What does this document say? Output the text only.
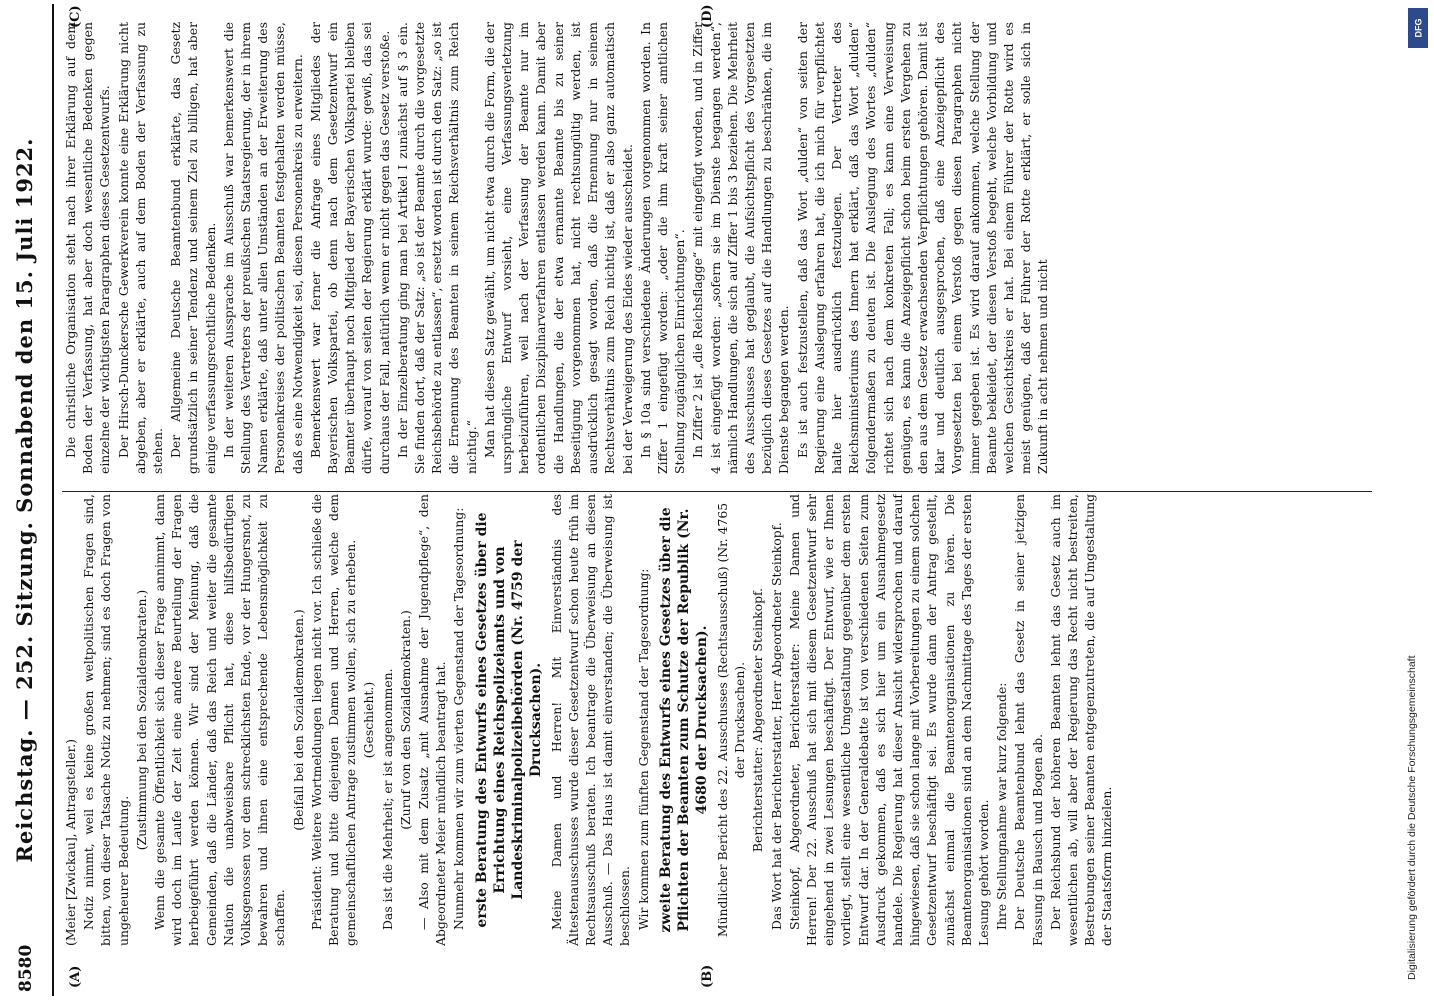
8580
Reichstag. — 252. Sitzung. Sonnabend den 15. Juli 1922.
(A)	(B)
(C)	(D)

(Meier [Zwickau], Antragsteller.) Notiz nimmt, weil es keine großen weltpolitischen Fragen sind, bitten, von dieser Tatsache Notiz zu nehmen; sind es doch Fragen von ungeheurer Bedeutung.

(Zustimmung bei den Sozialdemokraten.) Wenn die gesamte Öffentlichkeit sich dieser Frage annimmt, dann wird doch im Laufe der Zeit eine andere Beurteilung der Fragen herbeigeführt werden können. Wir sind der Meinung, daß die Gemeinden, daß die Länder, daß das Reich und weiter die gesamte Nation die unabweisbare Pflicht hat, diese hilfsbedürftigen Volksgenossen vor dem schrecklichsten Ende, vor der Hungersnot, zu bewahren und ihnen eine entsprechende Lebensmöglichkeit zu schaffen.

(Beifall bei den Sozialdemokraten.) Präsident: Weitere Wortmeldungen liegen nicht vor. Ich schließe die Beratung und bitte diejenigen Damen und Herren, welche dem gemeinschaftlichen Antrage zustimmen wollen, sich zu erheben. (Geschieht.) Das ist die Mehrheit; er ist angenommen. (Zuruf von den Sozialdemokraten.) — Also mit dem Zusatz „mit Ausnahme der Jugendpflege“, den Abgeordneter Meier mündlich beantragt hat. Nunmehr kommen wir zum vierten Gegenstand der Tagesordnung: erste Beratung des Entwurfs eines Gesetzes über die Errichtung eines Reichspolizeiamts und von Landeskriminalpolizeibehörden (Nr. 4759 der Drucksachen). Meine Damen und Herren! Mit Einverständnis des Ältestenausschusses wurde dieser Gesetzentwurf schon heute früh im Rechtsausschuß beraten. Ich beantrage die Überweisung an diesen Ausschuß. — Das Haus ist damit einverstanden; die Überweisung ist beschlossen. Wir kommen zum fünften Gegenstand der Tagesordnung: zweite Beratung des Entwurfs eines Gesetzes über die Pflichten der Beamten zum Schutze der Republik (Nr. 4680 der Drucksachen). Mündlicher Bericht des 22. Ausschusses (Rechtsausschuß) (Nr. 4765 der Drucksachen). Berichterstatter: Abgeordneter Steinkopf. Das Wort hat der Berichterstatter, Herr Abgeordneter Steinkopf. Steinkopf, Abgeordneter, Berichterstatter: Meine Damen und Herren! Der 22. Ausschuß hat sich mit diesem Gesetzentwurf sehr eingehend in zwei Lesungen beschäftigt. Der Entwurf, wie er Ihnen vorliegt, stellt eine wesentliche Umgestaltung gegenüber dem ersten Entwurf dar. In der Generaldebatte ist von verschiedenen Seiten zum Ausdruck gekommen, daß es sich hier um ein Ausnahmegesetz handele. Die Regierung hat dieser Ansicht widersprochen und darauf hingewiesen, daß sie schon lange mit Vorbereitungen zu einem solchen Gesetzentwurf beschäftigt sei. Es wurde dann der Antrag gestellt, zunächst einmal die Beamtenorganisationen zu hören. Die Beamtenorganisationen sind an dem Nachmittage des Tages der ersten Lesung gehört worden. Ihre Stellungnahme war kurz folgende: Der Deutsche Beamtenbund lehnt das Gesetz in seiner jetzigen Fassung in Bausch und Bogen ab. Der Reichsbund der höheren Beamten lehnt das Gesetz auch im wesentlichen ab, will aber der Regierung das Recht nicht bestreiten, Bestrebungen seiner Beamten entgegenzutreten, die auf Umgestaltung der Staatsform hinzielen.

Die christliche Organisation steht nach ihrer Erklärung auf dem Boden der Verfassung, hat aber doch wesentliche Bedenken gegen einzelne der wichtigsten Paragraphen dieses Gesetzentwurfs. Der Hirsch-Dunckersche Gewerkverein konnte eine Erklärung nicht abgeben, aber er erklärte, auch auf dem Boden der Verfassung zu stehen. Der Allgemeine Deutsche Beamtenbund erklärte, das Gesetz grundsätzlich in seiner Tendenz und seinem Ziel zu billigen, hat aber einige verfassungsrechtliche Bedenken. In der weiteren Aussprache im Ausschuß war bemerkenswert die Stellung des Vertreters der preußischen Staatsregierung, der in ihrem Namen erklärte, daß unter allen Umständen an der Erweiterung des Personenkreises der politischen Beamten festgehalten werden müsse, daß es eine Notwendigkeit sei, diesen Personenkreis zu erweitern. Bemerkenswert war ferner die Anfrage eines Mitgliedes der Bayerischen Volkspartei, ob denn nach dem Gesetzentwurf ein Beamter überhaupt noch Mitglied der Bayerischen Volkspartei bleiben dürfe, worauf von seiten der Regierung erklärt wurde: gewiß, das sei durchaus der Fall, natürlich wenn er nicht gegen das Gesetz verstoße. In der Einzelberatung ging man bei Artikel I zunächst auf § 3 ein. Sie finden dort, daß der Satz: „so ist der Beamte durch die vorgesetzte Reichsbehörde zu entlassen“, ersetzt worden ist durch den Satz: „so ist die Ernennung des Beamten in seinem Reichsverhältnis zum Reich nichtig.“ Man hat diesen Satz gewählt, um nicht etwa durch die Form, die der ursprüngliche Entwurf vorsieht, eine Verfassungsverletzung herbeizuführen, weil nach der Verfassung der Beamte nur im ordentlichen Disziplinarverfahren entlassen werden kann. Damit aber die Handlungen, die der etwa ernannte Beamte bis zu seiner Beseitigung vorgenommen hat, nicht rechtsungültig werden, ist ausdrücklich gesagt worden, daß die Ernennung nur in seinem Rechtsverhältnis zum Reich nichtig ist, daß er also ganz automatisch bei der Verweigerung des Eides wieder ausscheidet. In § 10a sind verschiedene Änderungen vorgenommen worden. In Ziffer 1 eingefügt worden: „oder die ihm kraft seiner amtlichen Stellung zugänglichen Einrichtungen“. In Ziffer 2 ist „die Reichsflagge“ mit eingefügt worden, und in Ziffer 4 ist eingefügt worden: „sofern sie im Dienste begangen werden“, nämlich Handlungen, die sich auf Ziffer 1 bis 3 beziehen. Die Mehrheit des Ausschusses hat geglaubt, die Aufsichtspflicht des Vorgesetzten bezüglich dieses Gesetzes auf die Handlungen zu beschränken, die im Dienste begangen werden. Es ist auch festzustellen, daß das Wort „dulden“ von seiten der Regierung eine Auslegung erfahren hat, die ich mich für verpflichtet halte hier ausdrücklich festzulegen. Der Vertreter des Reichsministeriums des Innern hat erklärt, daß das Wort „dulden“ folgendermaßen zu deuten ist. Die Auslegung des Wortes „dulden“ richtet sich nach dem konkreten Fall; es kann eine Verweisung genügen, es kann die Anzeigepflicht schon beim ersten Vergehen zu den aus dem Gesetz erwachsenden Verpflichtungen gehören. Damit ist klar und deutlich ausgesprochen, daß eine Anzeigepflicht des Vorgesetzten bei einem Verstoß gegen diesen Paragraphen nicht immer gegeben ist. Es wird darauf ankommen, welche Stellung der Beamte bekleidet, der diesen Verstoß begeht, welche Vorbildung und welchen Gesichtskreis er hat. Bei einem Führer der Rotte wird es meist genügen, daß der Führer der Rotte erklärt, er solle sich in Zukunft in acht nehmen und nicht

DFG
Digitalisierung gefördert durch die Deutsche Forschungsgemeinschaft
